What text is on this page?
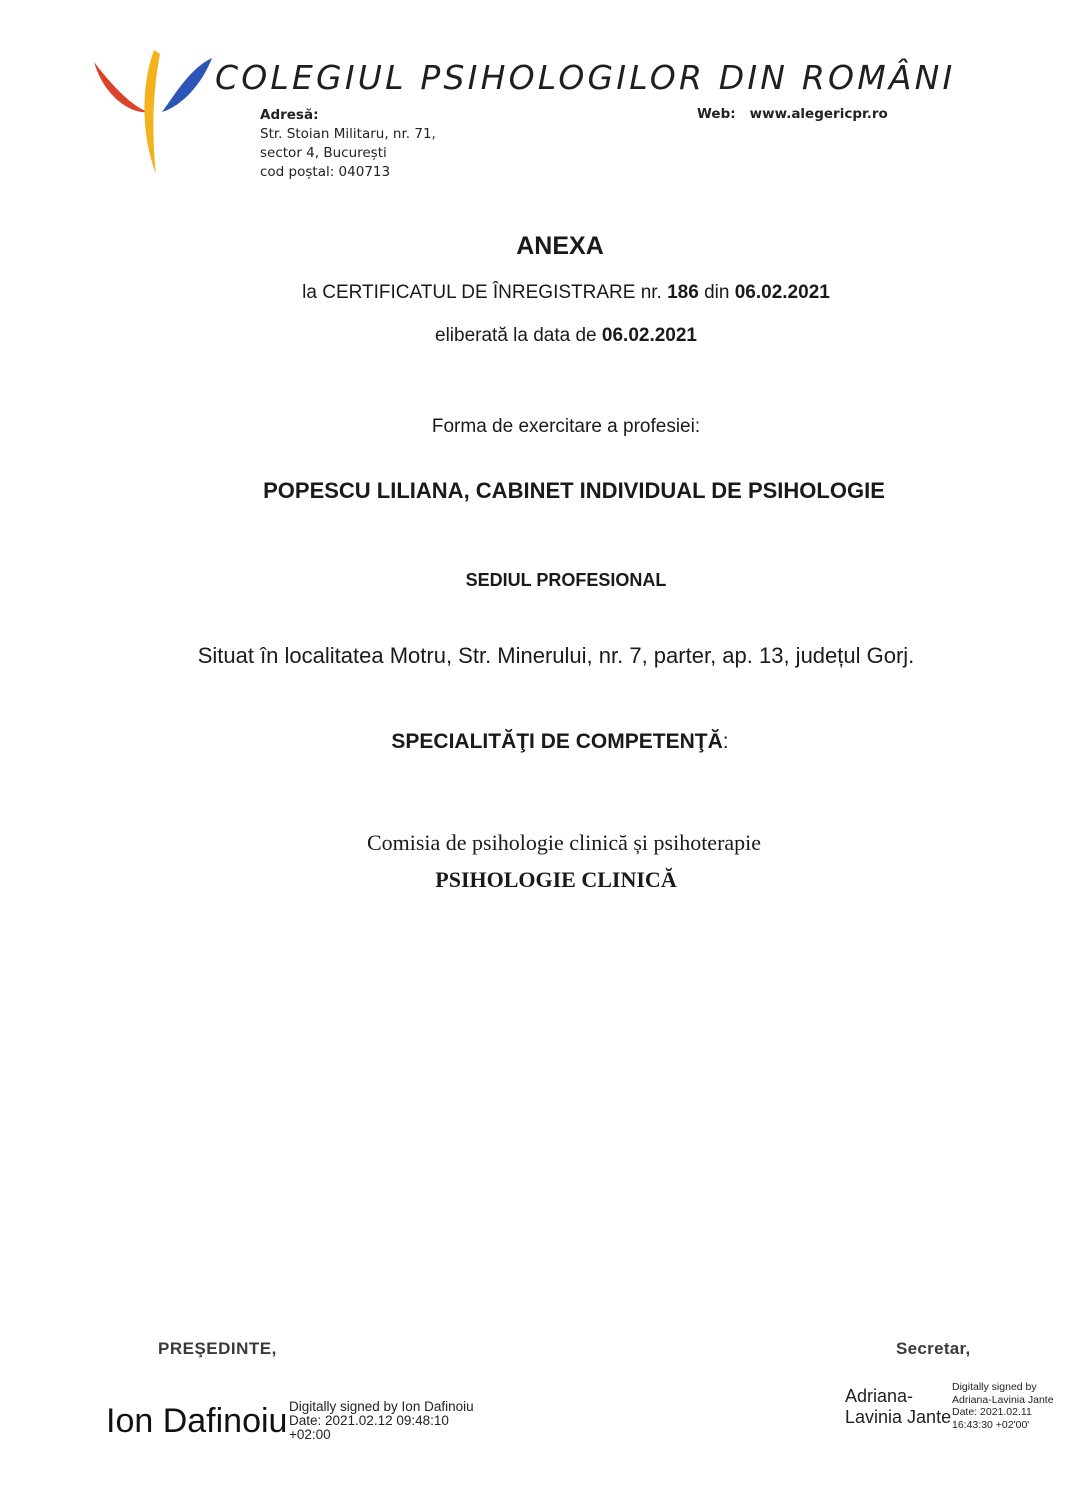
COLEGIUL PSIHOLOGILOR DIN ROMÂNI
Adresă:
Str. Stoian Militaru, nr. 71,
sector 4, București
cod poștal: 040713
Web: www.alegericpr.ro
ANEXA
la CERTIFICATUL DE ÎNREGISTRARE nr. 186 din 06.02.2021
eliberată la data de 06.02.2021
Forma de exercitare a profesiei:
POPESCU LILIANA, CABINET INDIVIDUAL DE PSIHOLOGIE
SEDIUL PROFESIONAL
Situat în localitatea Motru, Str. Minerului, nr. 7, parter, ap. 13, județul Gorj.
SPECIALITĂŢI DE COMPETENŢĂ:
Comisia de psihologie clinică și psihoterapie
PSIHOLOGIE CLINICĂ
PREŞEDINTE,	Secretar,
Ion Dafinoiu Digitally signed by Ion Dafinoiu
Date: 2021.02.12 09:48:10
+02:00
Adriana-
Lavinia Jante
Digitally signed by
Adriana-Lavinia Jante
Date: 2021.02.11
16:43:30 +02'00'
